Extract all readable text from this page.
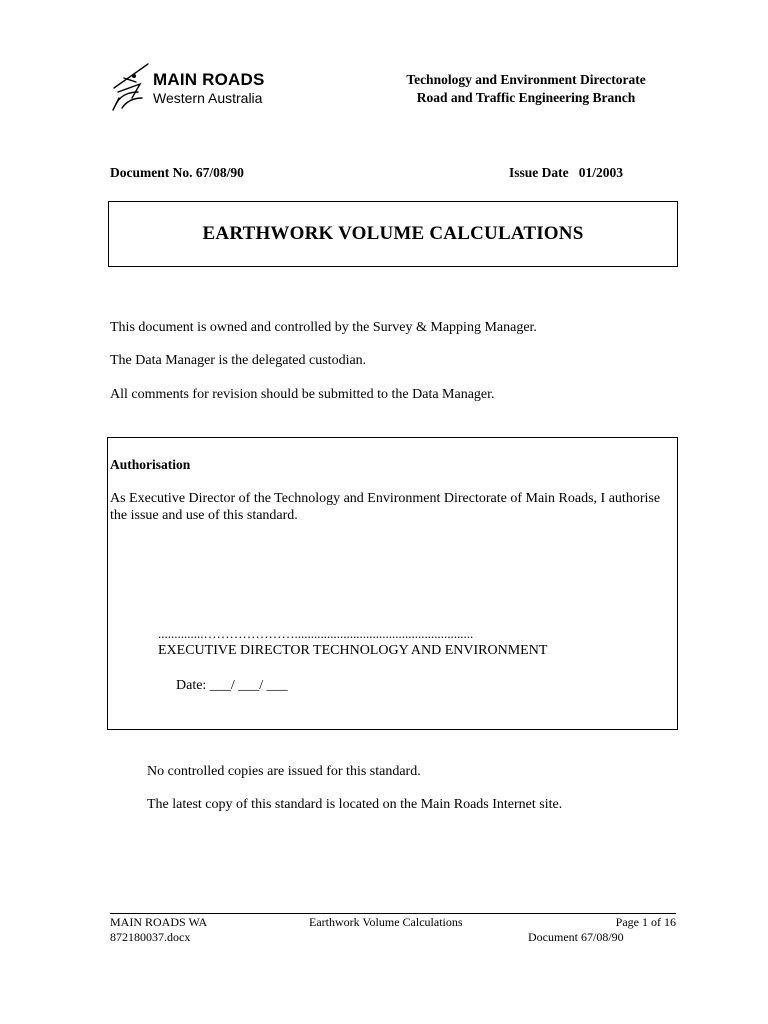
MAIN ROADS
Western Australia
Technology and Environment Directorate
Road and Traffic Engineering Branch
Document No. 67/08/90	Issue Date   01/2003
EARTHWORK VOLUME CALCULATIONS
This document is owned and controlled by the Survey & Mapping Manager.
The Data Manager is the delegated custodian.
All comments for revision should be submitted to the Data Manager.
Authorisation
As Executive Director of the Technology and Environment Directorate of Main Roads, I authorise the issue and use of this standard.
..............………………….......................................................
EXECUTIVE DIRECTOR TECHNOLOGY AND ENVIRONMENT
Date: ___/ ___/ ___
No controlled copies are issued for this standard.
The latest copy of this standard is located on the Main Roads Internet site.
MAIN ROADS WA
872180037.docx
Earthwork Volume Calculations	Page 1 of 16
Document 67/08/90
